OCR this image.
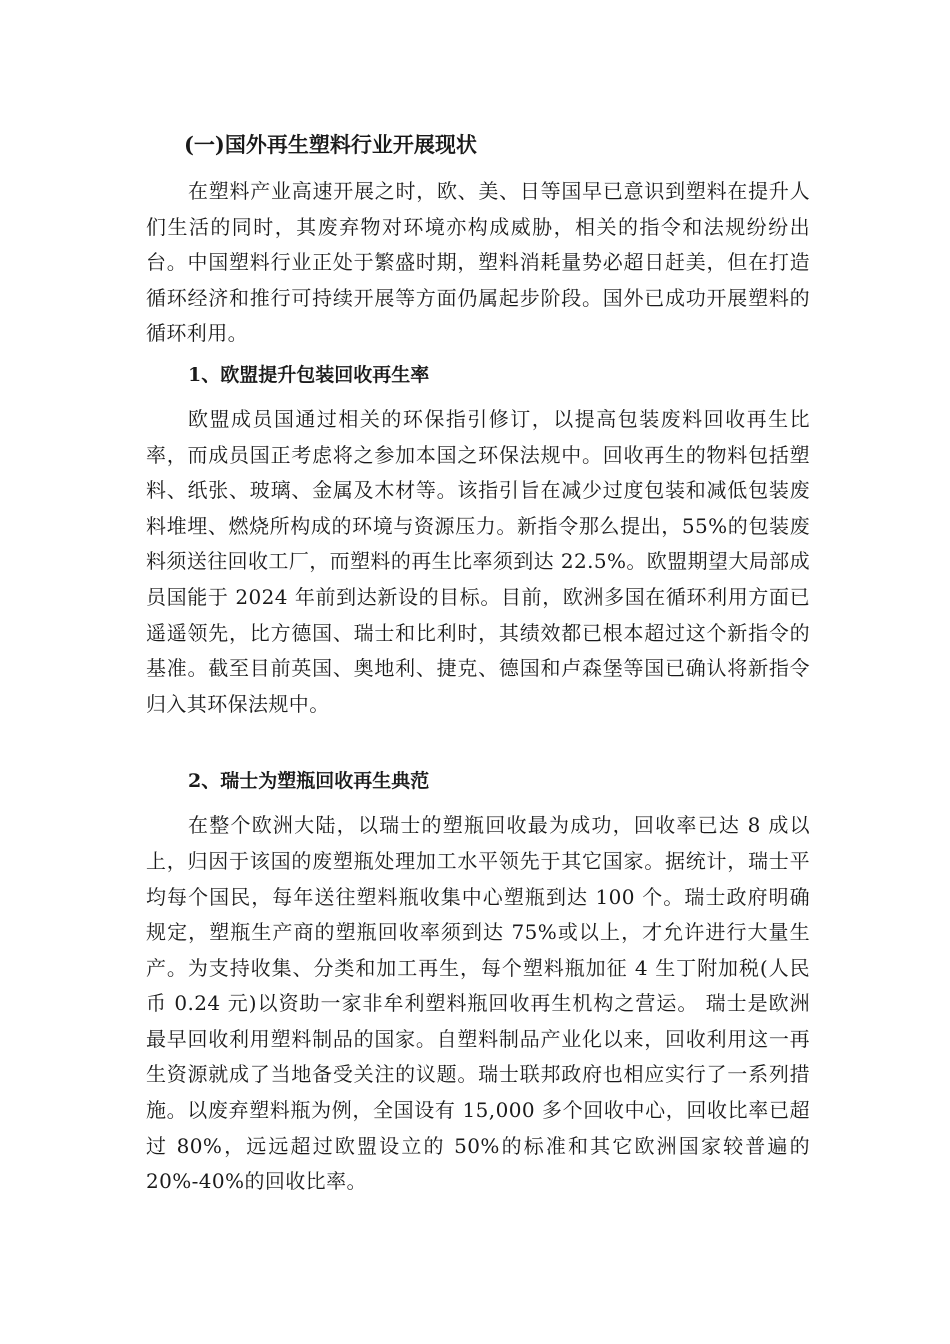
(一)国外再生塑料行业开展现状

在塑料产业高速开展之时，欧、美、日等国早已意识到塑料在提升人们生活的同时，其废弃物对环境亦构成威胁，相关的指令和法规纷纷出台。中国塑料行业正处于繁盛时期，塑料消耗量势必超日赶美，但在打造循环经济和推行可持续开展等方面仍属起步阶段。国外已成功开展塑料的循环利用。

1、欧盟提升包装回收再生率

欧盟成员国通过相关的环保指引修订，以提高包装废料回收再生比率，而成员国正考虑将之参加本国之环保法规中。回收再生的物料包括塑料、纸张、玻璃、金属及木材等。该指引旨在减少过度包装和减低包装废料堆埋、燃烧所构成的环境与资源压力。新指令那么提出，55%的包装废料须送往回收工厂，而塑料的再生比率须到达 22.5%。欧盟期望大局部成员国能于 2024 年前到达新设的目标。目前，欧洲多国在循环利用方面已遥遥领先，比方德国、瑞士和比利时，其绩效都已根本超过这个新指令的基准。截至目前英国、奥地利、捷克、德国和卢森堡等国已确认将新指令归入其环保法规中。

2、瑞士为塑瓶回收再生典范

在整个欧洲大陆，以瑞士的塑瓶回收最为成功，回收率已达 8 成以上，归因于该国的废塑瓶处理加工水平领先于其它国家。据统计，瑞士平均每个国民，每年送往塑料瓶收集中心塑瓶到达 100 个。瑞士政府明确规定，塑瓶生产商的塑瓶回收率须到达 75%或以上，才允许进行大量生产。为支持收集、分类和加工再生，每个塑料瓶加征 4 生丁附加税(人民币 0.24 元)以资助一家非牟利塑料瓶回收再生机构之营运。 瑞士是欧洲最早回收利用塑料制品的国家。自塑料制品产业化以来，回收利用这一再生资源就成了当地备受关注的议题。瑞士联邦政府也相应实行了一系列措施。以废弃塑料瓶为例，全国设有 15,000 多个回收中心，回收比率已超过 80%，远远超过欧盟设立的 50%的标准和其它欧洲国家较普遍的 20%-40%的回收比率。
